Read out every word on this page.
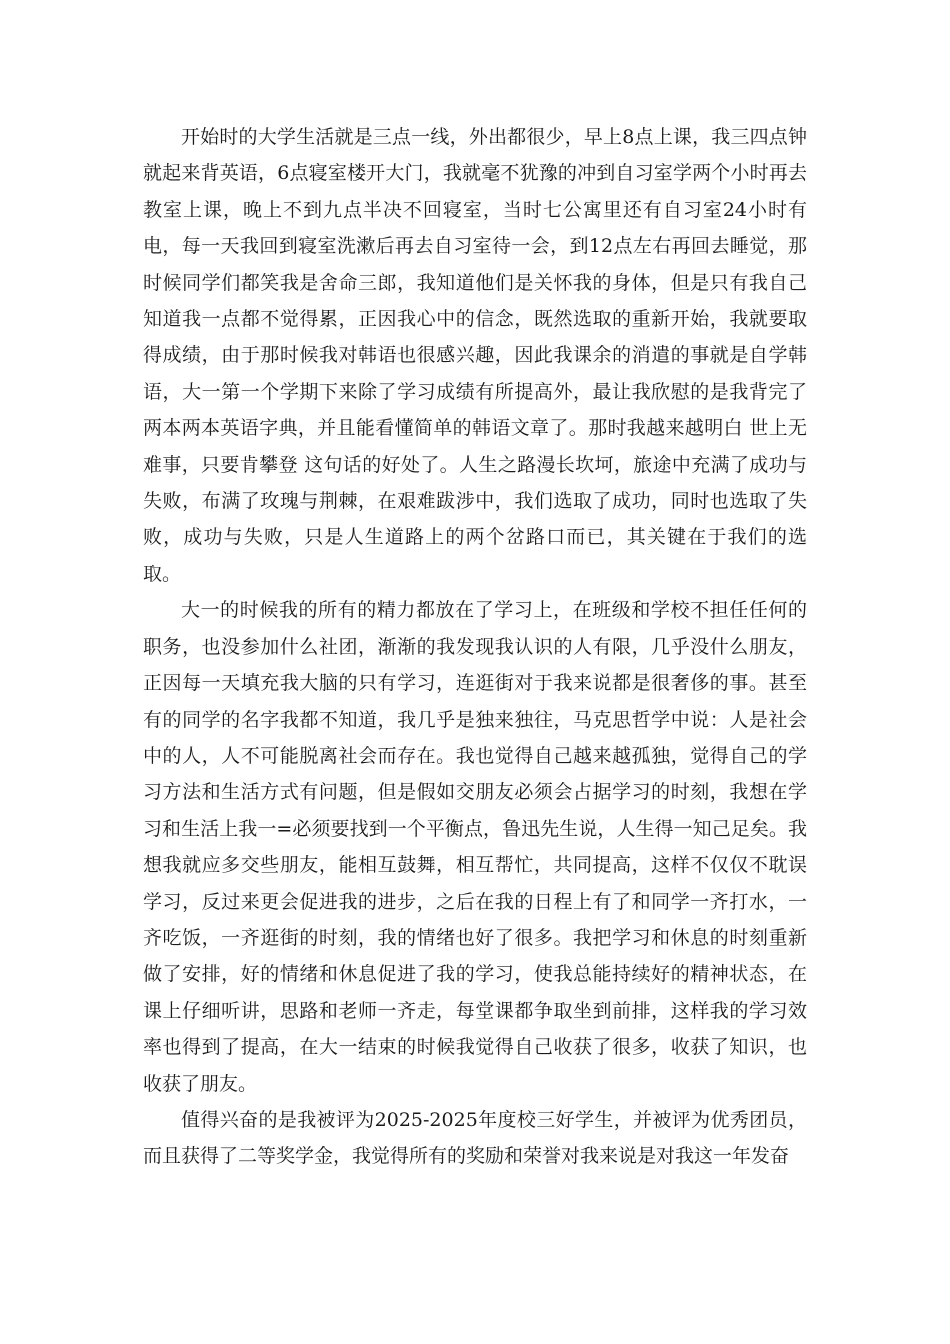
开始时的大学生活就是三点一线，外出都很少，早上8点上课，我三四点钟就起来背英语，6点寝室楼开大门，我就毫不犹豫的冲到自习室学两个小时再去教室上课，晚上不到九点半决不回寝室，当时七公寓里还有自习室24小时有电，每一天我回到寝室洗漱后再去自习室待一会，到12点左右再回去睡觉，那时候同学们都笑我是舍命三郎，我知道他们是关怀我的身体，但是只有我自己知道我一点都不觉得累，正因我心中的信念，既然选取的重新开始，我就要取得成绩，由于那时候我对韩语也很感兴趣，因此我课余的消遣的事就是自学韩语，大一第一个学期下来除了学习成绩有所提高外，最让我欣慰的是我背完了两本两本英语字典，并且能看懂简单的韩语文章了。那时我越来越明白 世上无难事，只要肯攀登 这句话的好处了。人生之路漫长坎坷，旅途中充满了成功与失败，布满了玫瑰与荆棘，在艰难跋涉中，我们选取了成功，同时也选取了失败，成功与失败，只是人生道路上的两个岔路口而已，其关键在于我们的选取。

大一的时候我的所有的精力都放在了学习上，在班级和学校不担任任何的职务，也没参加什么社团，渐渐的我发现我认识的人有限，几乎没什么朋友，正因每一天填充我大脑的只有学习，连逛街对于我来说都是很奢侈的事。甚至有的同学的名字我都不知道，我几乎是独来独往，马克思哲学中说：人是社会中的人，人不可能脱离社会而存在。我也觉得自己越来越孤独，觉得自己的学习方法和生活方式有问题，但是假如交朋友必须会占据学习的时刻，我想在学习和生活上我一=必须要找到一个平衡点，鲁迅先生说，人生得一知己足矣。我想我就应多交些朋友，能相互鼓舞，相互帮忙，共同提高，这样不仅仅不耽误学习，反过来更会促进我的进步，之后在我的日程上有了和同学一齐打水，一齐吃饭，一齐逛街的时刻，我的情绪也好了很多。我把学习和休息的时刻重新做了安排，好的情绪和休息促进了我的学习，使我总能持续好的精神状态，在课上仔细听讲，思路和老师一齐走，每堂课都争取坐到前排，这样我的学习效率也得到了提高，在大一结束的时候我觉得自己收获了很多，收获了知识，也收获了朋友。

值得兴奋的是我被评为2025-2025年度校三好学生，并被评为优秀团员，而且获得了二等奖学金，我觉得所有的奖励和荣誉对我来说是对我这一年发奋
